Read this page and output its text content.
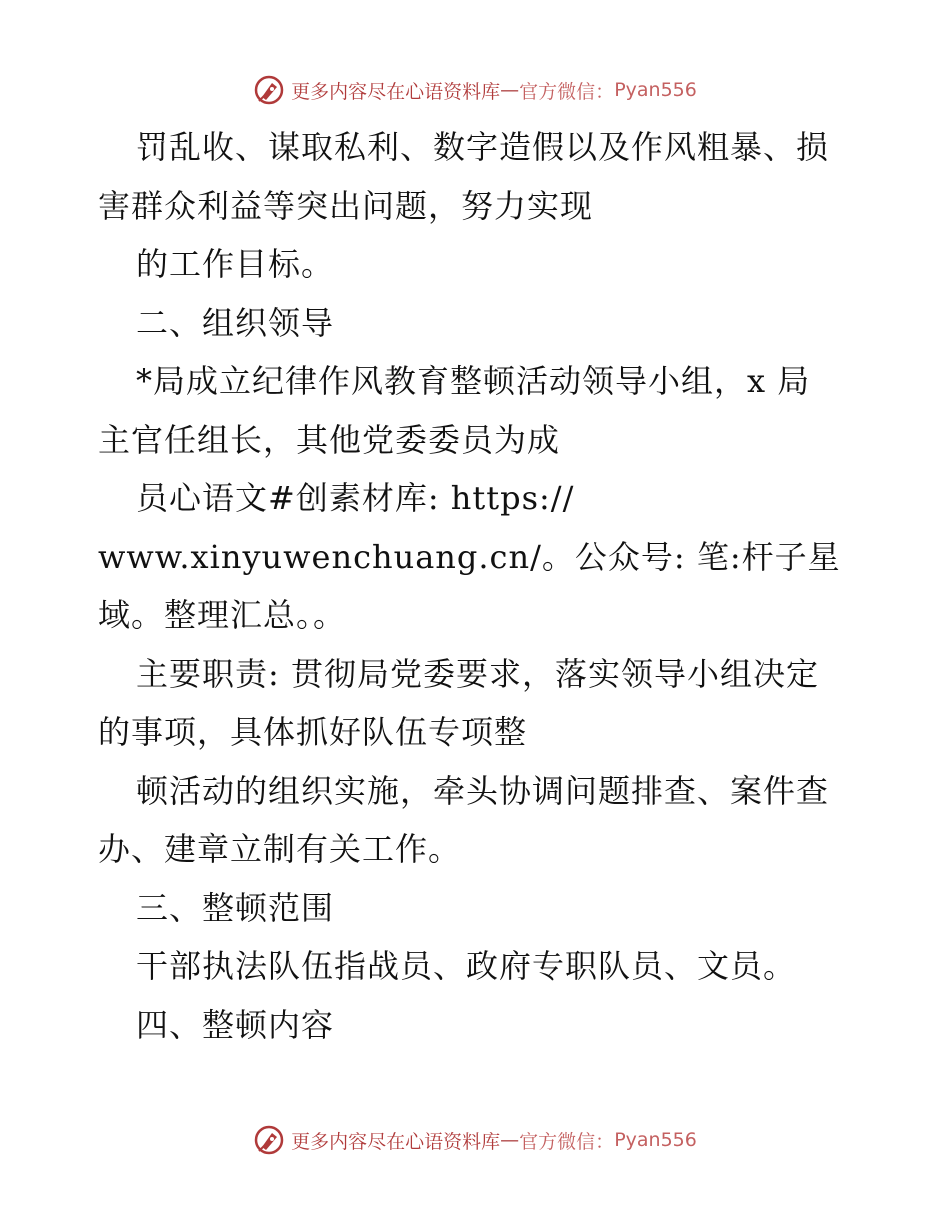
更多内容尽在心语资料库 — 官方微信： Pyan556
罚乱收、谋取私利、数字造假以及作风粗暴、损
害群众利益等突出问题，努力实现
的工作目标。
二、组织领导
*局成立纪律作风教育整顿活动领导小组，x 局
主官任组长，其他党委委员为成
员心语文#创素材库: https://
www.xinyuwenchuang.cn/。公众号: 笔:杆子星
域。整理汇总。。
主要职责: 贯彻局党委要求，落实领导小组决定
的事项，具体抓好队伍专项整
顿活动的组织实施，牵头协调问题排查、案件查
办、建章立制有关工作。
三、整顿范围
干部执法队伍指战员、政府专职队员、文员。
四、整顿内容
更多内容尽在心语资料库 — 官方微信： Pyan556
